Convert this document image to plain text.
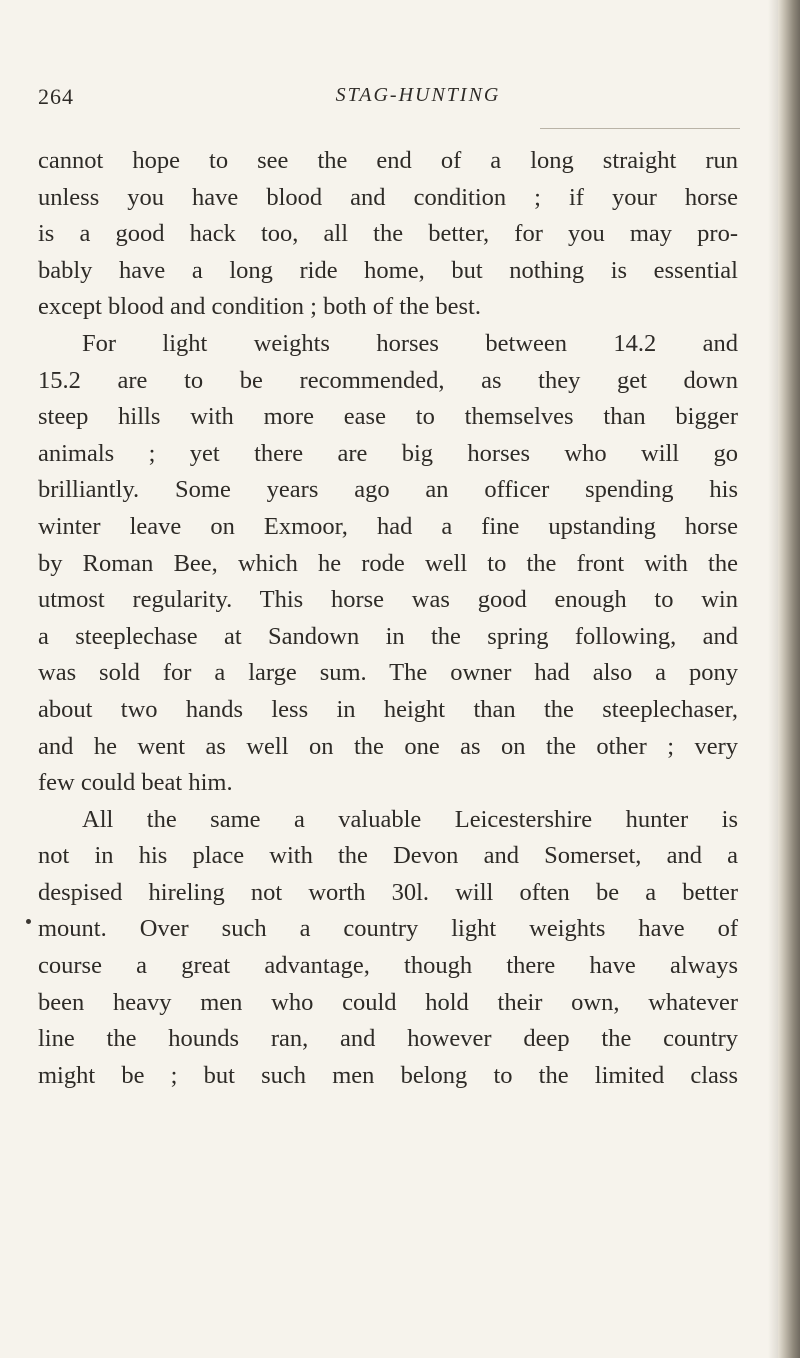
264	STAG-HUNTING
cannot hope to see the end of a long straight run
unless you have blood and condition ; if your horse
is a good hack too, all the better, for you may pro-
bably have a long ride home, but nothing is essential
except blood and condition ; both of the best.
For light weights horses between 14.2 and
15.2 are to be recommended, as they get down
steep hills with more ease to themselves than bigger
animals ; yet there are big horses who will go
brilliantly. Some years ago an officer spending his
winter leave on Exmoor, had a fine upstanding horse
by Roman Bee, which he rode well to the front with the
utmost regularity. This horse was good enough to win
a steeplechase at Sandown in the spring following, and
was sold for a large sum. The owner had also a pony
about two hands less in height than the steeplechaser,
and he went as well on the one as on the other ; very
few could beat him.
All the same a valuable Leicestershire hunter is
not in his place with the Devon and Somerset, and a
despised hireling not worth 30l. will often be a better
mount. Over such a country light weights have of
course a great advantage, though there have always
been heavy men who could hold their own, whatever
line the hounds ran, and however deep the country
might be ; but such men belong to the limited class
